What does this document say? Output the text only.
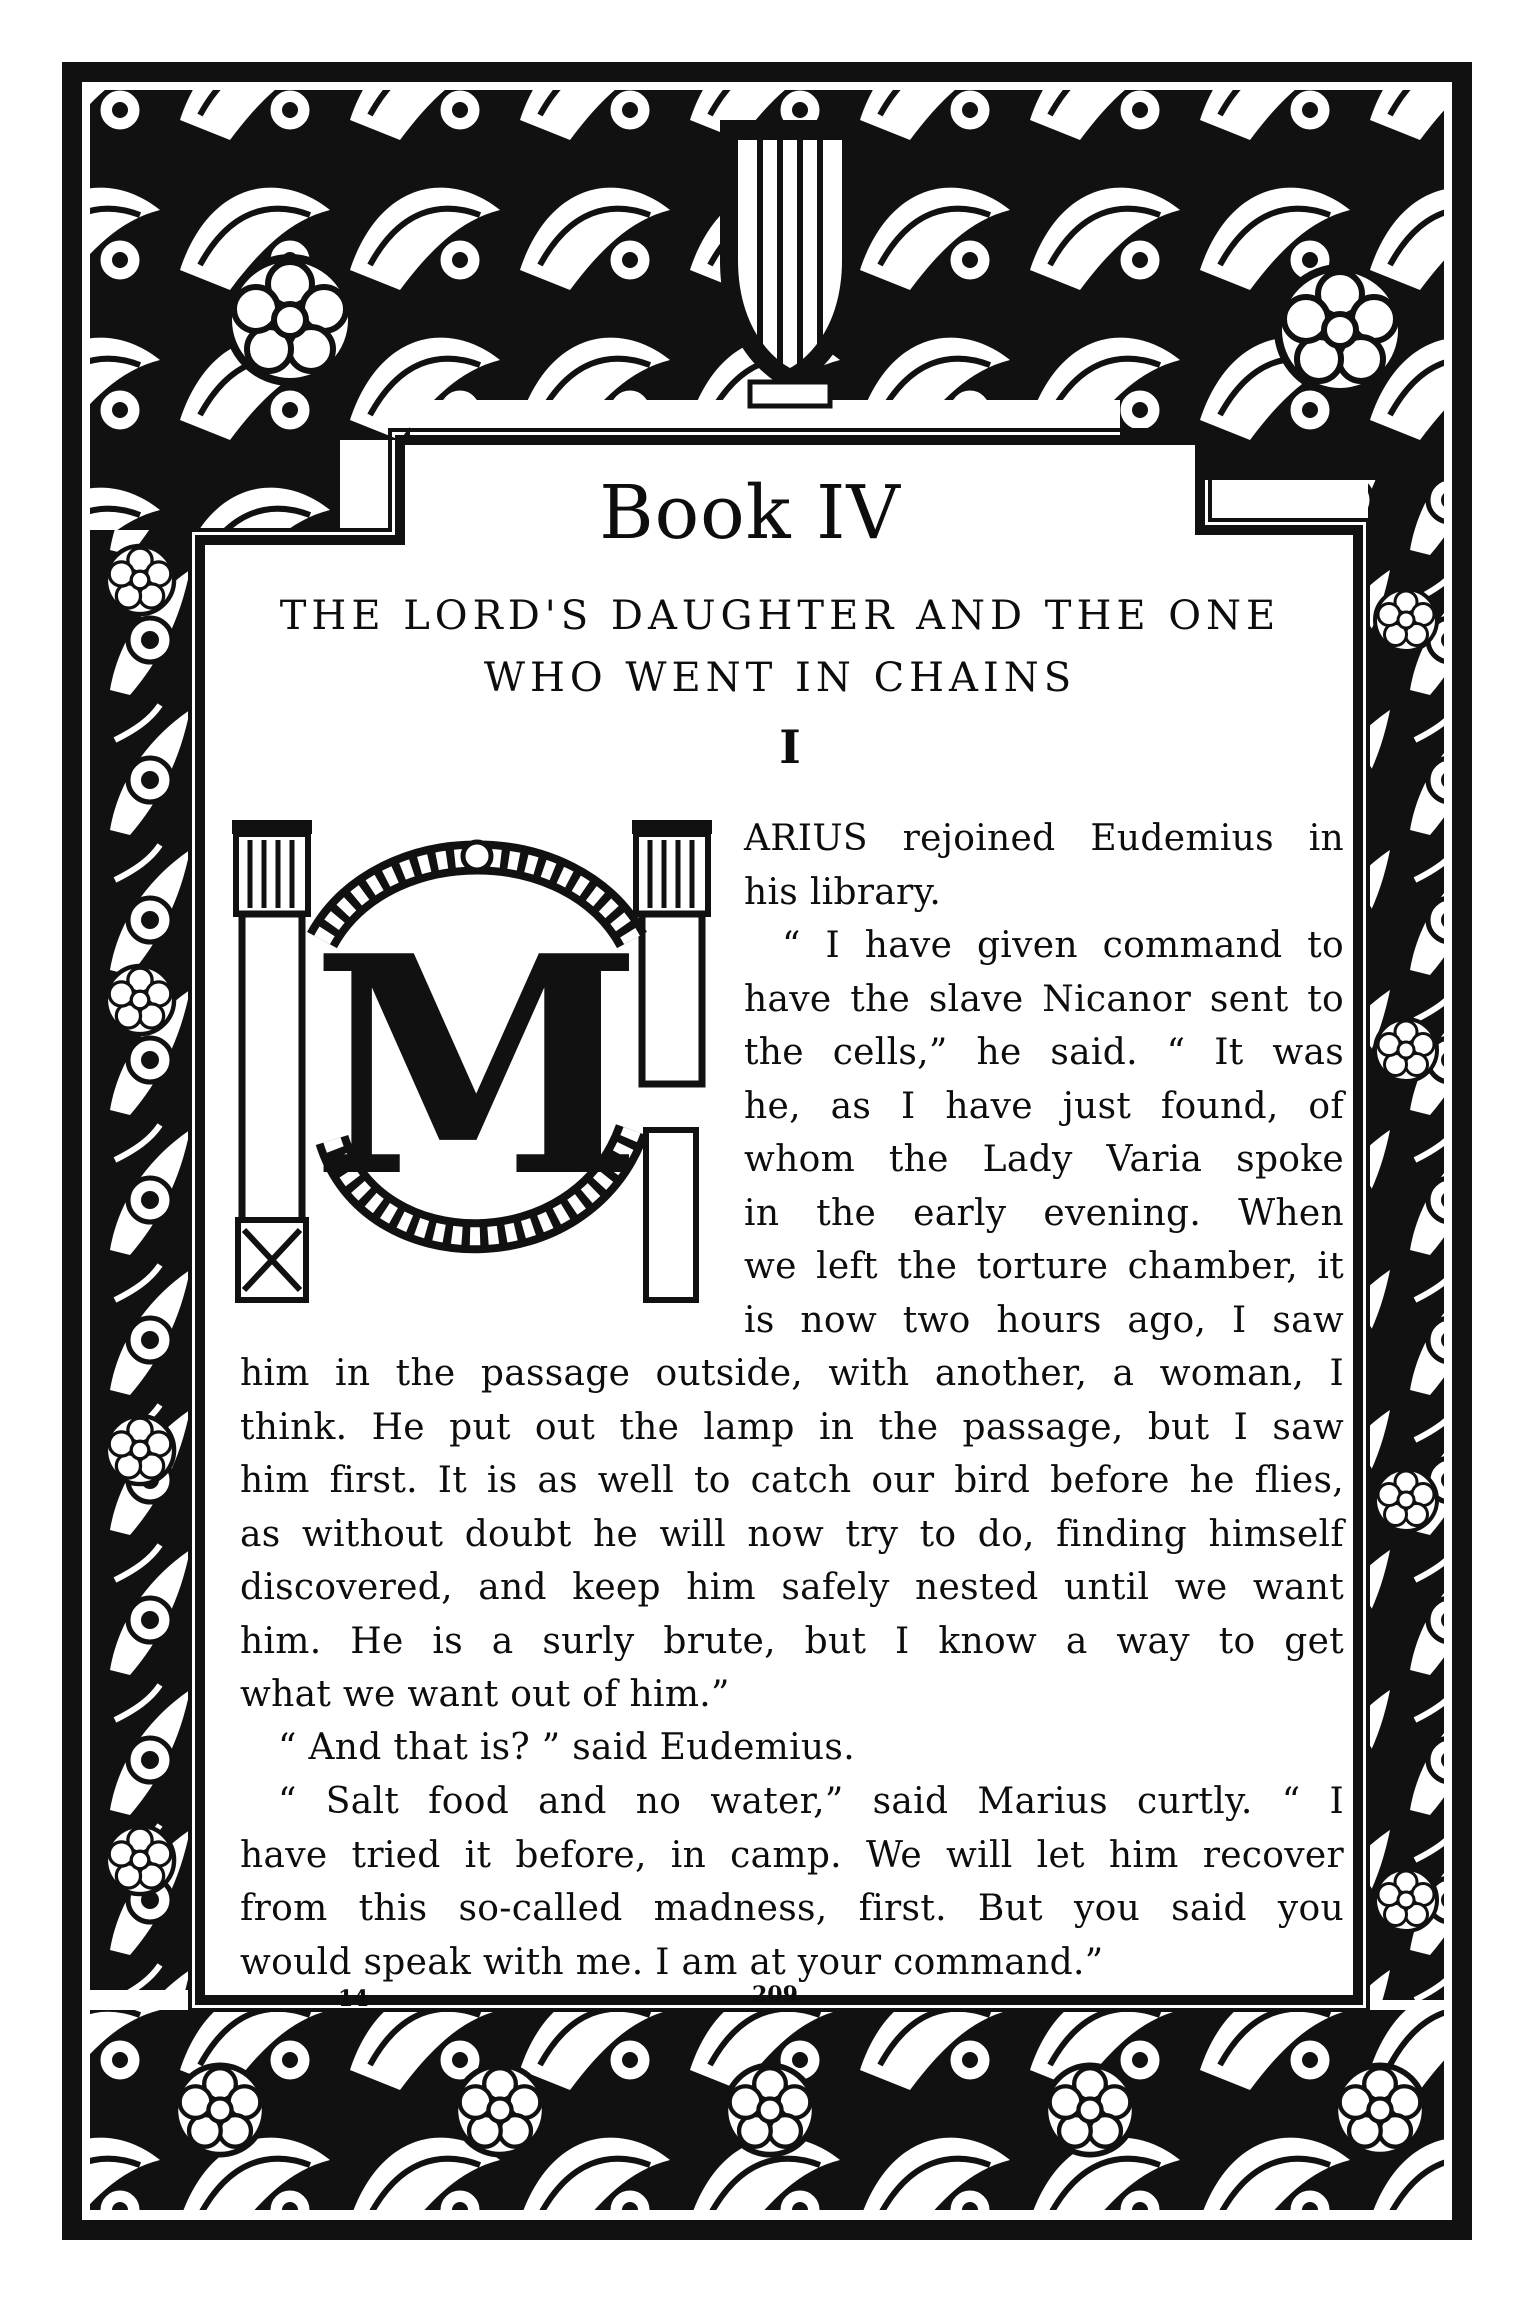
Book IV
THE LORD'S DAUGHTER AND THE ONE
WHO WENT IN CHAINS
I
M
ARIUS rejoined Eudemius in
his library.
“ I have given command to
have the slave Nicanor sent to
the cells,” he said. “ It was
he, as I have just found, of
whom the Lady Varia spoke
in the early evening. When
we left the torture chamber, it
is now two hours ago, I saw
him in the passage outside, with another, a woman, I
think. He put out the lamp in the passage, but I saw
him first. It is as well to catch our bird before he flies,
as without doubt he will now try to do, finding himself
discovered, and keep him safely nested until we want
him. He is a surly brute, but I know a way to get
what we want out of him.”
“ And that is? ” said Eudemius.
“ Salt food and no water,” said Marius curtly. “ I
have tried it before, in camp. We will let him recover
from this so-called madness, first. But you said you
would speak with me. I am at your command.”
14	209
